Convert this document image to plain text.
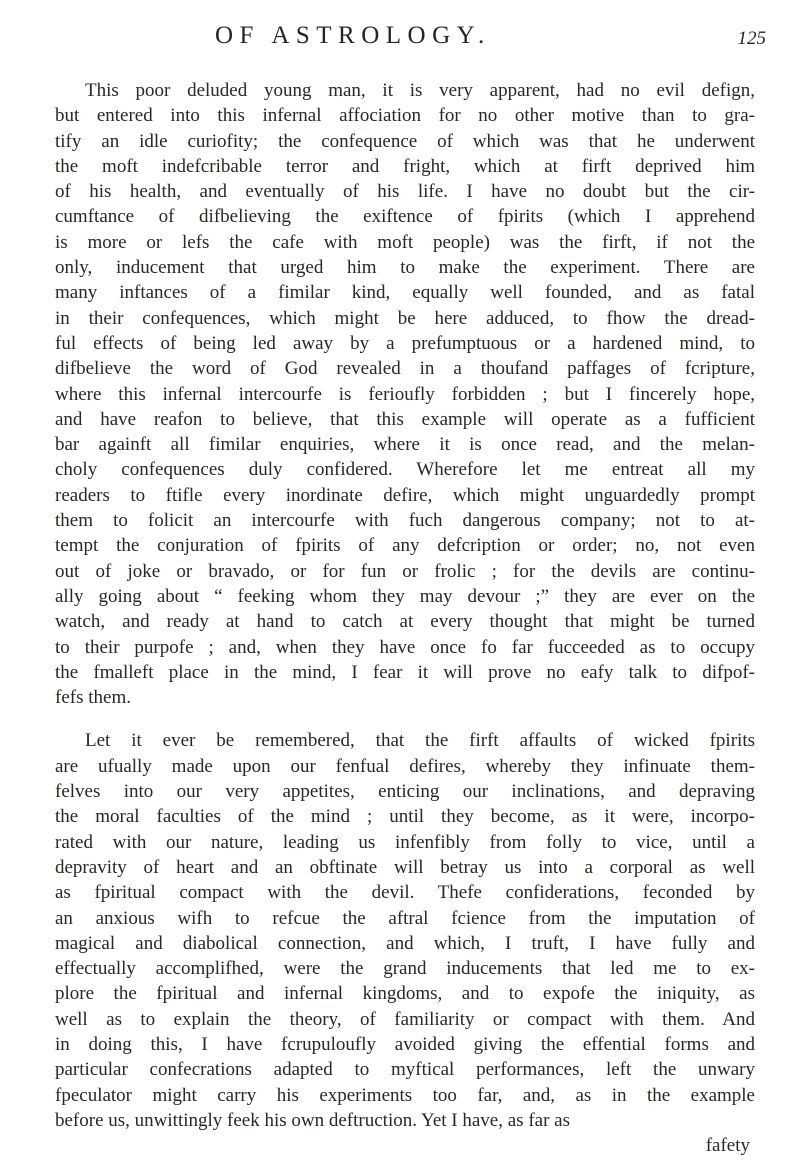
OF ASTROLOGY.	125

This poor deluded young man, it is very apparent, had no evil defign,
but entered into this infernal affociation for no other motive than to gra-
tify an idle curiofity; the confequence of which was that he underwent
the moft indefcribable terror and fright, which at firft deprived him
of his health, and eventually of his life. I have no doubt but the cir-
cumftance of difbelieving the exiftence of fpirits (which I apprehend
is more or lefs the cafe with moft people) was the firft, if not the
only, inducement that urged him to make the experiment. There are
many inftances of a fimilar kind, equally well founded, and as fatal
in their confequences, which might be here adduced, to fhow the dread-
ful effects of being led away by a prefumptuous or a hardened mind, to
difbelieve the word of God revealed in a thoufand paffages of fcripture,
where this infernal intercourfe is ferioufly forbidden ; but I fincerely hope,
and have reafon to believe, that this example will operate as a fufficient
bar againft all fimilar enquiries, where it is once read, and the melan-
choly confequences duly confidered. Wherefore let me entreat all my
readers to ftifle every inordinate defire, which might unguardedly prompt
them to folicit an intercourfe with fuch dangerous company; not to at-
tempt the conjuration of fpirits of any defcription or order; no, not even
out of joke or bravado, or for fun or frolic ; for the devils are continu-
ally going about “ feeking whom they may devour ;” they are ever on the
watch, and ready at hand to catch at every thought that might be turned
to their purpofe ; and, when they have once fo far fucceeded as to occupy
the fmalleft place in the mind, I fear it will prove no eafy talk to difpof-
fefs them.

Let it ever be remembered, that the firft affaults of wicked fpirits
are ufually made upon our fenfual defires, whereby they infinuate them-
felves into our very appetites, enticing our inclinations, and depraving
the moral faculties of the mind ; until they become, as it were, incorpo-
rated with our nature, leading us infenfibly from folly to vice, until a
depravity of heart and an obftinate will betray us into a corporal as well
as fpiritual compact with the devil. Thefe confiderations, feconded by
an anxious wifh to refcue the aftral fcience from the imputation of
magical and diabolical connection, and which, I truft, I have fully and
effectually accomplifhed, were the grand inducements that led me to ex-
plore the fpiritual and infernal kingdoms, and to expofe the iniquity, as
well as to explain the theory, of familiarity or compact with them. And
in doing this, I have fcrupuloufly avoided giving the effential forms and
particular confecrations adapted to myftical performances, left the unwary
fpeculator might carry his experiments too far, and, as in the example
before us, unwittingly feek his own deftruction. Yet I have, as far as

fafety
